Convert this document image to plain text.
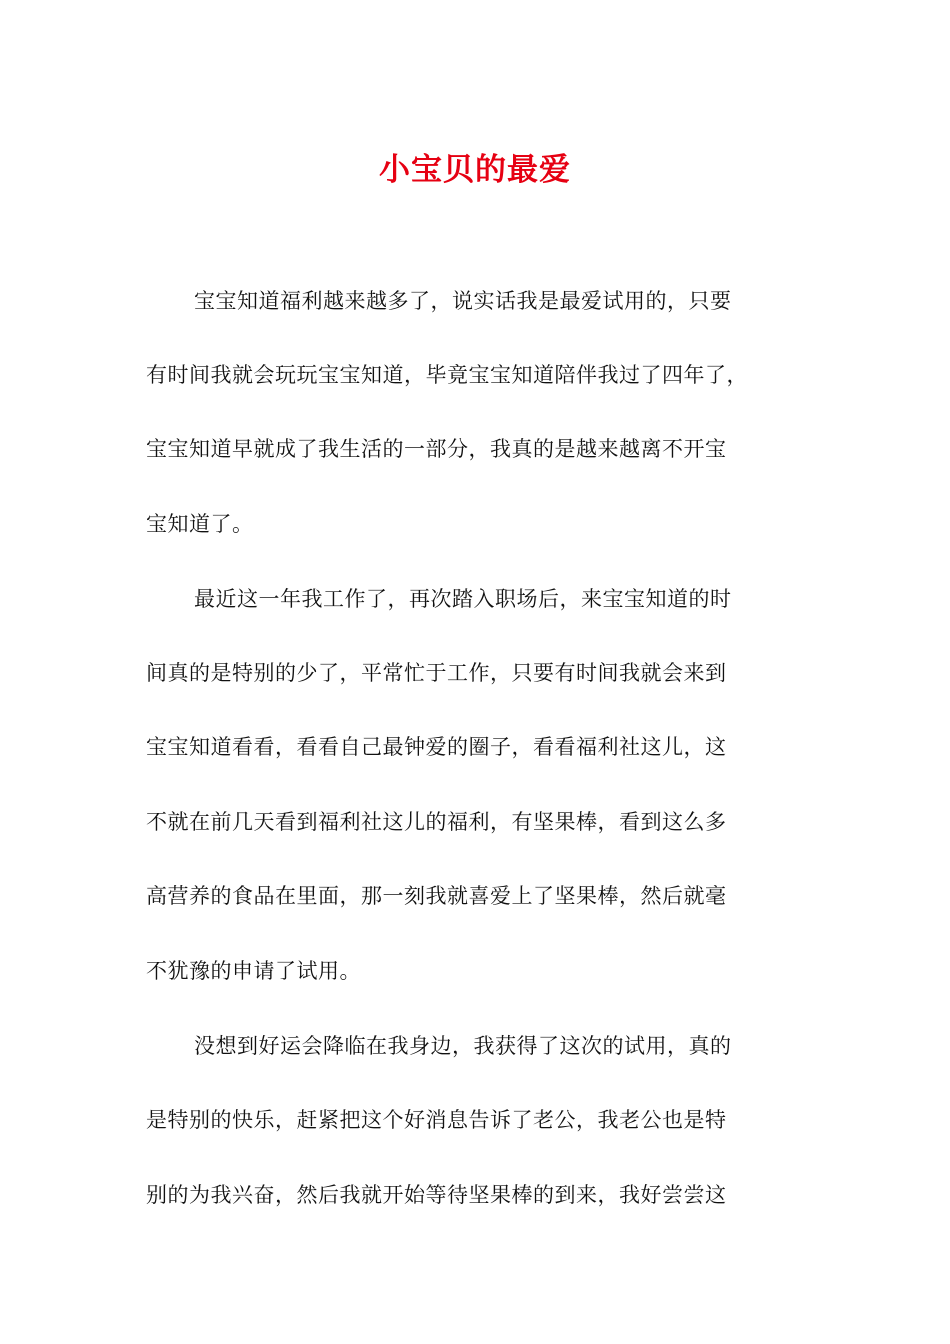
小宝贝的最爱
宝宝知道福利越来越多了，说实话我是最爱试用的，只要
有时间我就会玩玩宝宝知道，毕竟宝宝知道陪伴我过了四年了，
宝宝知道早就成了我生活的一部分，我真的是越来越离不开宝
宝知道了。
最近这一年我工作了，再次踏入职场后，来宝宝知道的时
间真的是特别的少了，平常忙于工作，只要有时间我就会来到
宝宝知道看看，看看自己最钟爱的圈子，看看福利社这儿，这
不就在前几天看到福利社这儿的福利，有坚果棒，看到这么多
高营养的食品在里面，那一刻我就喜爱上了坚果棒，然后就毫
不犹豫的申请了试用。
没想到好运会降临在我身边，我获得了这次的试用，真的
是特别的快乐，赶紧把这个好消息告诉了老公，我老公也是特
别的为我兴奋，然后我就开始等待坚果棒的到来，我好尝尝这
